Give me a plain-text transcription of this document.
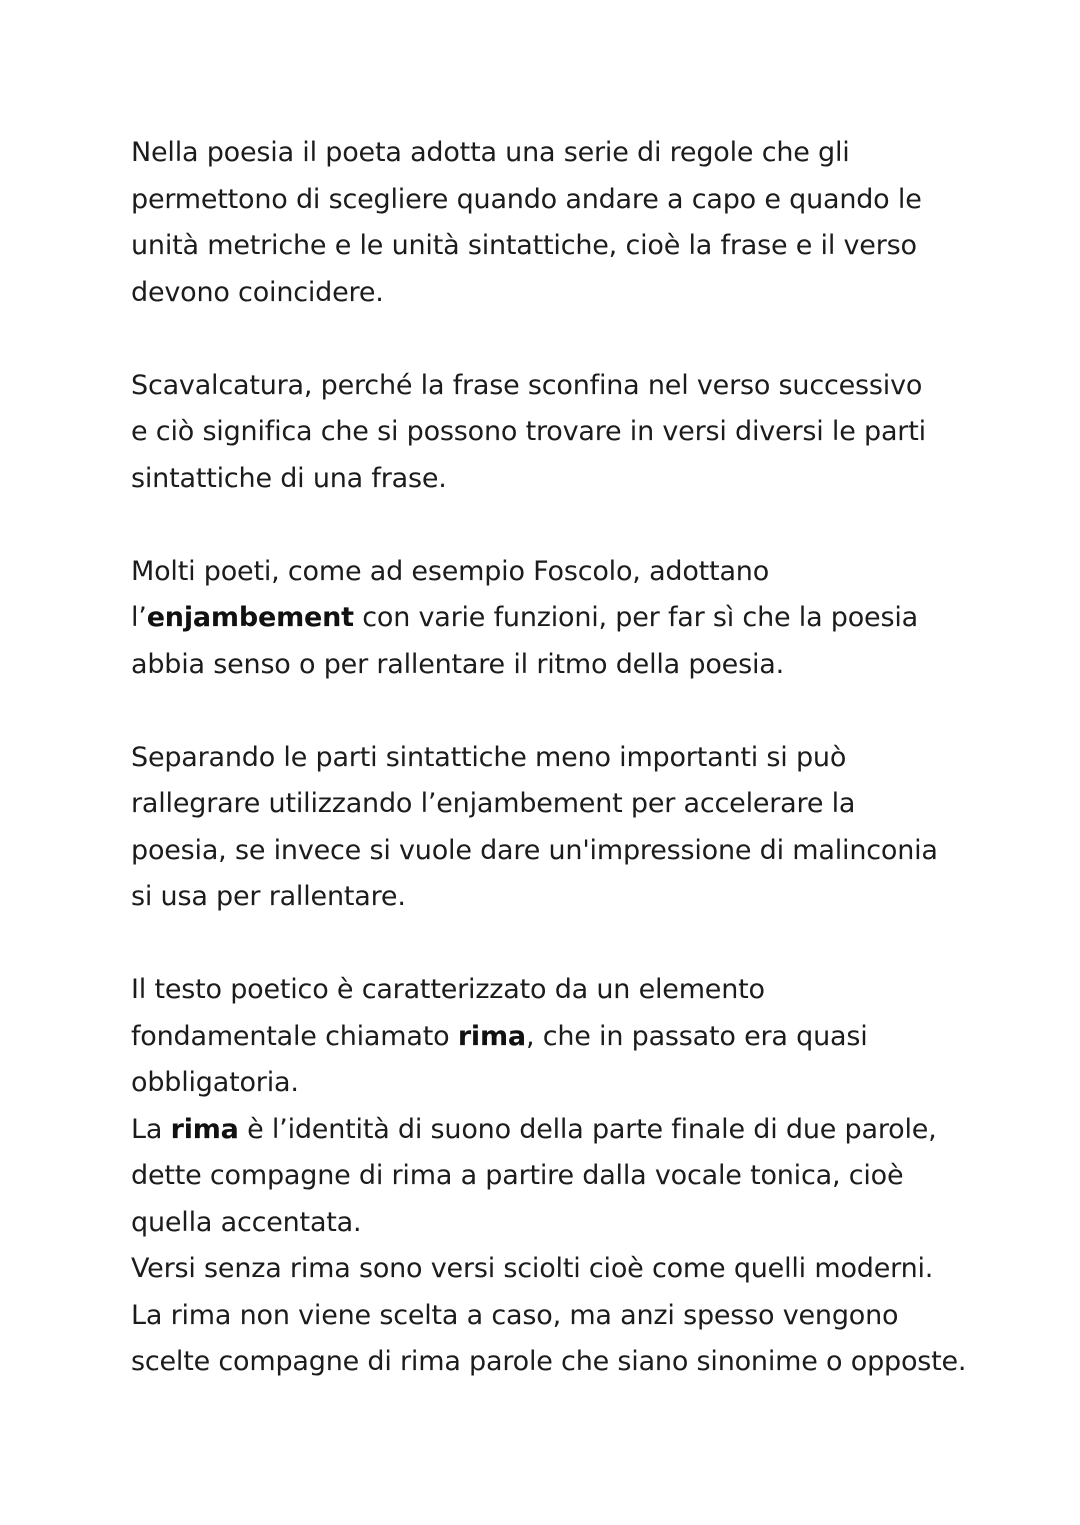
Nella poesia il poeta adotta una serie di regole che gli
permettono di scegliere quando andare a capo e quando le
unità metriche e le unità sintattiche, cioè la frase e il verso
devono coincidere.

Scavalcatura, perché la frase sconfina nel verso successivo
e ciò significa che si possono trovare in versi diversi le parti
sintattiche di una frase.

Molti poeti, come ad esempio Foscolo, adottano
l’enjambement con varie funzioni, per far sì che la poesia
abbia senso o per rallentare il ritmo della poesia.

Separando le parti sintattiche meno importanti si può
rallegrare utilizzando l’enjambement per accelerare la
poesia, se invece si vuole dare un'impressione di malinconia
si usa per rallentare.

Il testo poetico è caratterizzato da un elemento
fondamentale chiamato rima, che in passato era quasi
obbligatoria.
La rima è l’identità di suono della parte finale di due parole,
dette compagne di rima a partire dalla vocale tonica, cioè
quella accentata.
Versi senza rima sono versi sciolti cioè come quelli moderni.
La rima non viene scelta a caso, ma anzi spesso vengono
scelte compagne di rima parole che siano sinonime o opposte.
